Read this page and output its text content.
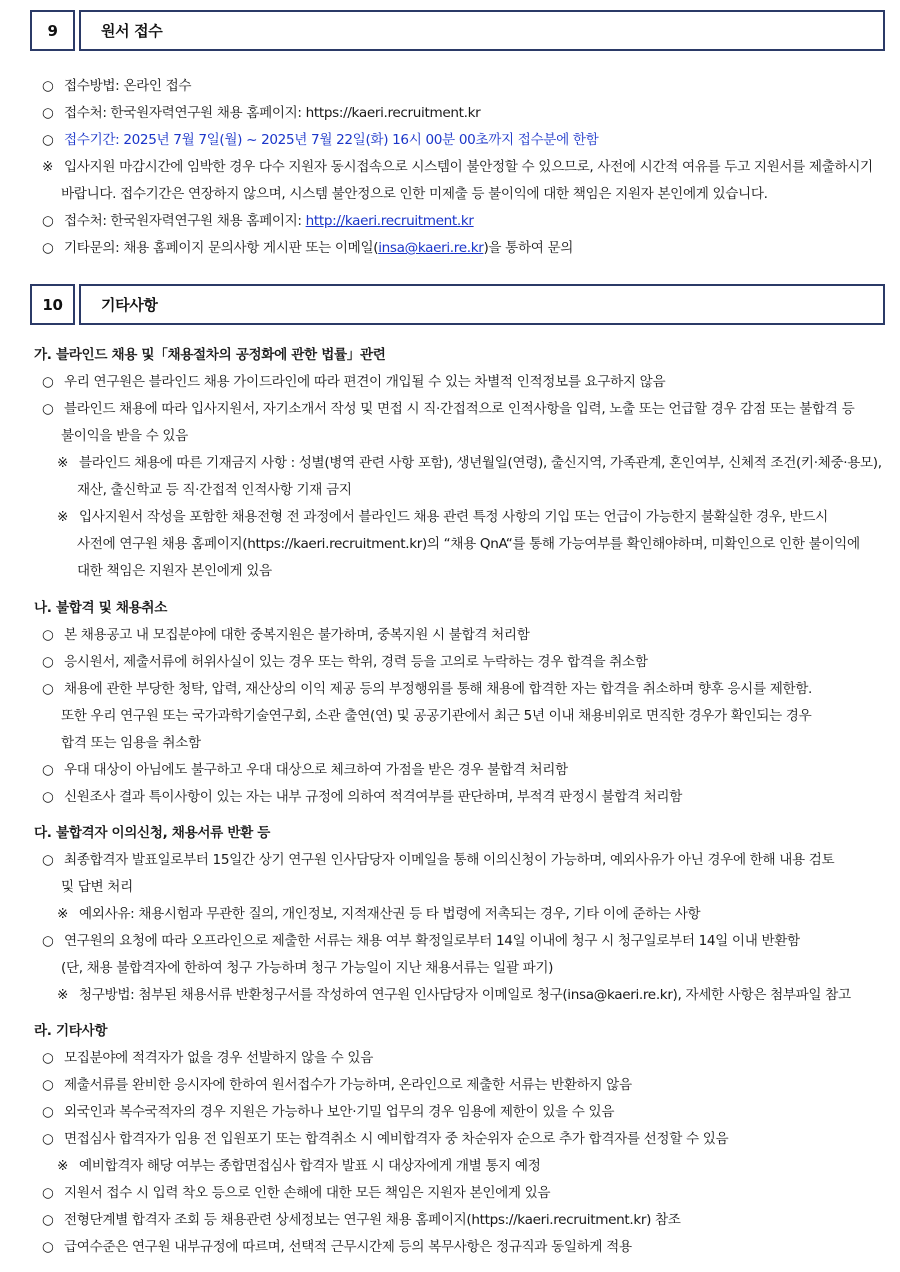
9	원서 접수
○ 접수방법: 온라인 접수
○ 접수처: 한국원자력연구원 채용 홈페이지: https://kaeri.recruitment.kr
○ 접수기간: 2025년 7월 7일(월) ~ 2025년 7월 22일(화) 16시 00분 00초까지 접수분에 한함
※ 입사지원 마감시간에 임박한 경우 다수 지원자 동시접속으로 시스템이 불안정할 수 있으므로, 사전에 시간적 여유를 두고 지원서를 제출하시기
바랍니다. 접수기간은 연장하지 않으며, 시스템 불안정으로 인한 미제출 등 불이익에 대한 책임은 지원자 본인에게 있습니다.
○ 접수처: 한국원자력연구원 채용 홈페이지: http://kaeri.recruitment.kr
○ 기타문의: 채용 홈페이지 문의사항 게시판 또는 이메일(insa@kaeri.re.kr)을 통하여 문의
10	기타사항
가. 블라인드 채용 및「채용절차의 공정화에 관한 법률」관련
○ 우리 연구원은 블라인드 채용 가이드라인에 따라 편견이 개입될 수 있는 차별적 인적정보를 요구하지 않음
○ 블라인드 채용에 따라 입사지원서, 자기소개서 작성 및 면접 시 직·간접적으로 인적사항을 입력, 노출 또는 언급할 경우 감점 또는 불합격 등
불이익을 받을 수 있음
※ 블라인드 채용에 따른 기재금지 사항 : 성별(병역 관련 사항 포함), 생년월일(연령), 출신지역, 가족관계, 혼인여부, 신체적 조건(키·체중·용모),
재산, 출신학교 등 직·간접적 인적사항 기재 금지
※ 입사지원서 작성을 포함한 채용전형 전 과정에서 블라인드 채용 관련 특정 사항의 기입 또는 언급이 가능한지 불확실한 경우, 반드시
사전에 연구원 채용 홈페이지(https://kaeri.recruitment.kr)의 “채용 QnA“를 통해 가능여부를 확인해야하며, 미확인으로 인한 불이익에
대한 책임은 지원자 본인에게 있음
나. 불합격 및 채용취소
○ 본 채용공고 내 모집분야에 대한 중복지원은 불가하며, 중복지원 시 불합격 처리함
○ 응시원서, 제출서류에 허위사실이 있는 경우 또는 학위, 경력 등을 고의로 누락하는 경우 합격을 취소함
○ 채용에 관한 부당한 청탁, 압력, 재산상의 이익 제공 등의 부정행위를 통해 채용에 합격한 자는 합격을 취소하며 향후 응시를 제한함.
또한 우리 연구원 또는 국가과학기술연구회, 소관 출연(연) 및 공공기관에서 최근 5년 이내 채용비위로 면직한 경우가 확인되는 경우
합격 또는 임용을 취소함
○ 우대 대상이 아님에도 불구하고 우대 대상으로 체크하여 가점을 받은 경우 불합격 처리함
○ 신원조사 결과 특이사항이 있는 자는 내부 규정에 의하여 적격여부를 판단하며, 부적격 판정시 불합격 처리함
다. 불합격자 이의신청, 채용서류 반환 등
○ 최종합격자 발표일로부터 15일간 상기 연구원 인사담당자 이메일을 통해 이의신청이 가능하며, 예외사유가 아닌 경우에 한해 내용 검토
및 답변 처리
※ 예외사유: 채용시험과 무관한 질의, 개인정보, 지적재산권 등 타 법령에 저촉되는 경우, 기타 이에 준하는 사항
○ 연구원의 요청에 따라 오프라인으로 제출한 서류는 채용 여부 확정일로부터 14일 이내에 청구 시 청구일로부터 14일 이내 반환함
(단, 채용 불합격자에 한하여 청구 가능하며 청구 가능일이 지난 채용서류는 일괄 파기)
※ 청구방법: 첨부된 채용서류 반환청구서를 작성하여 연구원 인사담당자 이메일로 청구(insa@kaeri.re.kr), 자세한 사항은 첨부파일 참고
라. 기타사항
○ 모집분야에 적격자가 없을 경우 선발하지 않을 수 있음
○ 제출서류를 완비한 응시자에 한하여 원서접수가 가능하며, 온라인으로 제출한 서류는 반환하지 않음
○ 외국인과 복수국적자의 경우 지원은 가능하나 보안·기밀 업무의 경우 임용에 제한이 있을 수 있음
○ 면접심사 합격자가 임용 전 입원포기 또는 합격취소 시 예비합격자 중 차순위자 순으로 추가 합격자를 선정할 수 있음
※ 예비합격자 해당 여부는 종합면접심사 합격자 발표 시 대상자에게 개별 통지 예정
○ 지원서 접수 시 입력 착오 등으로 인한 손해에 대한 모든 책임은 지원자 본인에게 있음
○ 전형단계별 합격자 조회 등 채용관련 상세정보는 연구원 채용 홈페이지(https://kaeri.recruitment.kr) 참조
○ 급여수준은 연구원 내부규정에 따르며, 선택적 근무시간제 등의 복무사항은 정규직과 동일하게 적용
